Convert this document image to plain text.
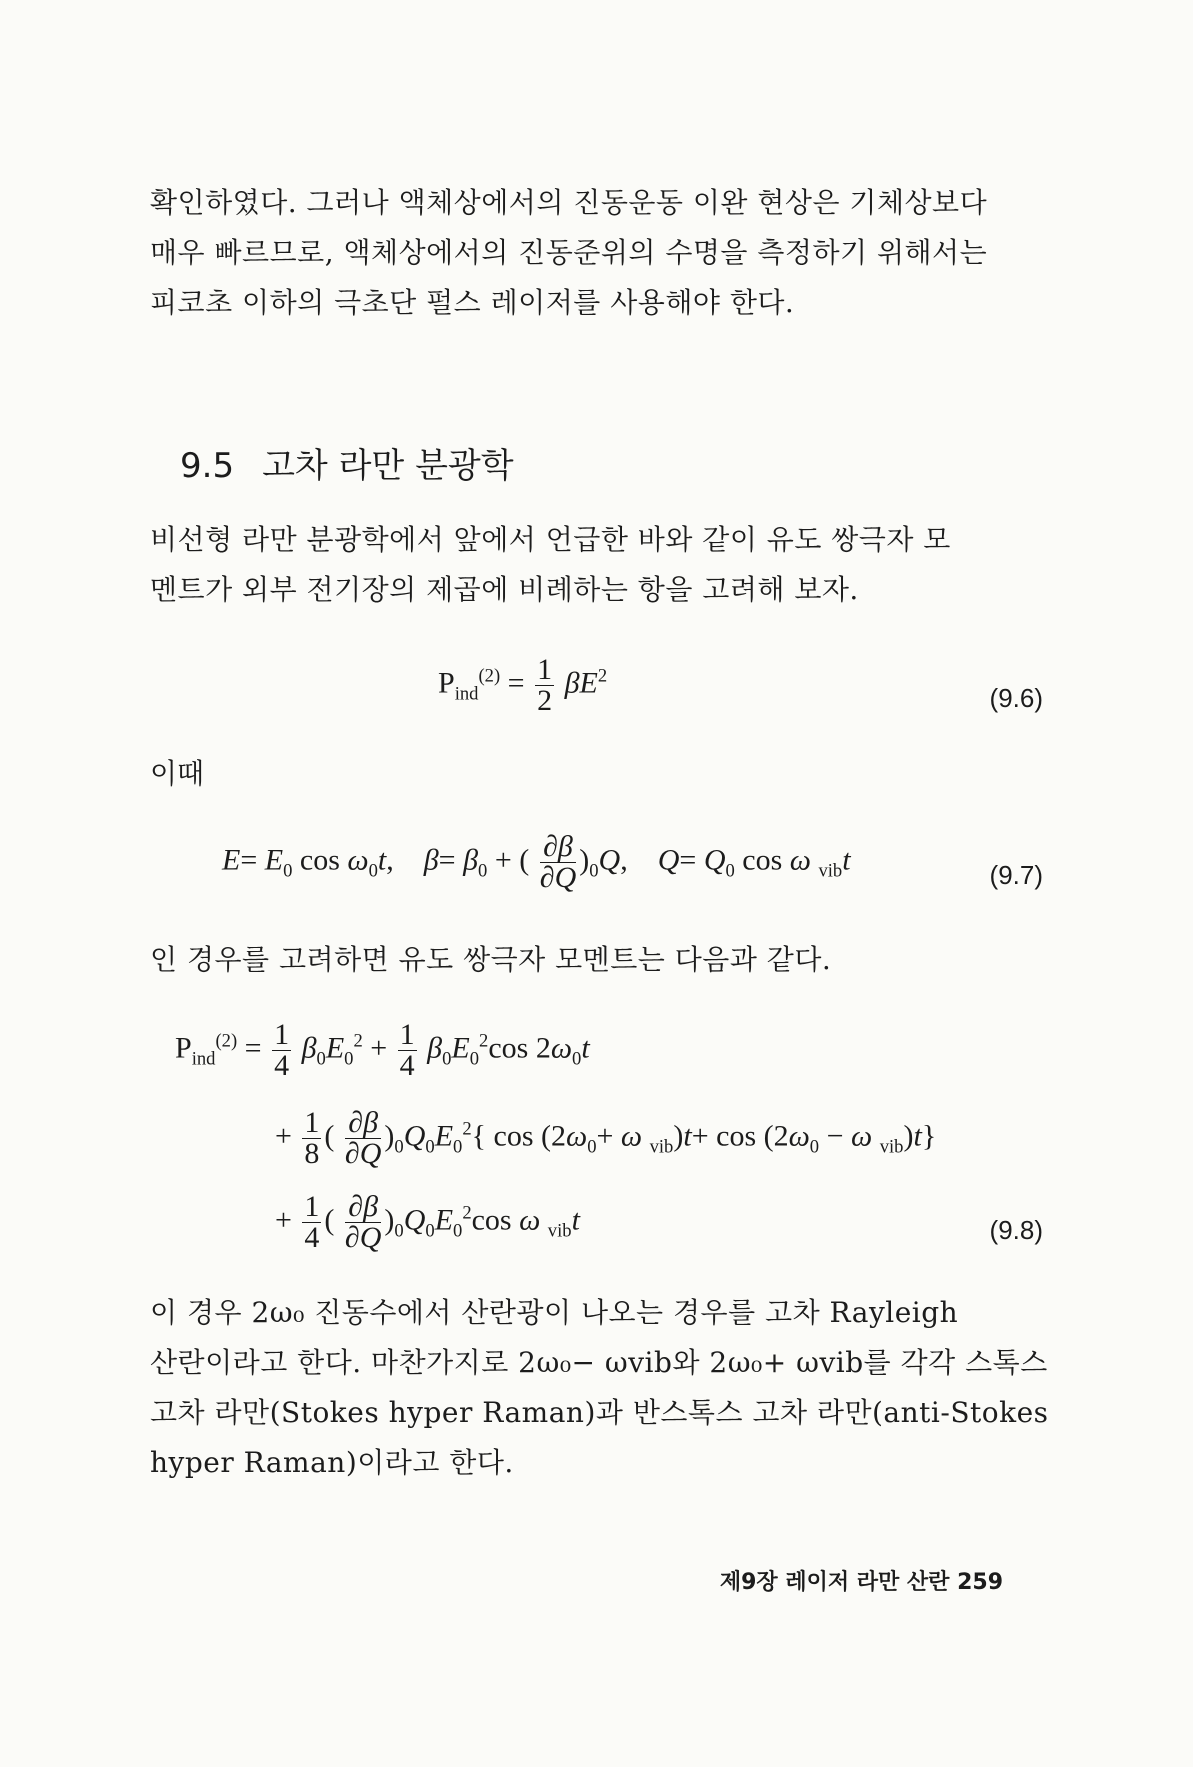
확인하였다. 그러나 액체상에서의 진동운동 이완 현상은 기체상보다
매우 빠르므로, 액체상에서의 진동준위의 수명을 측정하기 위해서는
피코초 이하의 극초단 펄스 레이저를 사용해야 한다.
9.5 고차 라만 분광학
비선형 라만 분광학에서 앞에서 언급한 바와 같이 유도 쌍극자 모
멘트가 외부 전기장의 제곱에 비례하는 항을 고려해 보자.
$P_{ind}^{(2)} = \frac{1}{2} \beta E^2$
(9.6)
이때
$E= E_0$ $\cos \omega_0t$,    $\beta= \beta_0$ + ( $\frac{\partial\beta}{\partial Q} )_0Q$,    $Q= Q_0$ cos ω $_{vib}$t	(9.7)
인 경우를 고려하면 유도 쌍극자 모멘트는 다음과 같다.
$P_{ind}^{(2)} = \frac{1}{4} \beta_0E_0^2 + \frac{1}{4} \beta_0E_0^2\cos$ $2\omega_0t$
+ $\frac{1}{8}$ ( $\frac{\partial\beta}{\partial Q} )_0Q_0E_0^2${ $\cos (2\omega_0+ \omega$ $_{vib})t+ \cos (2\omega_0 - \omega$ $_{vib}$)t}
+ $\frac{1}{4}$ ( $\frac{\partial\beta}{\partial Q} )_0Q_0E_0^2\cos$ ω $_{vib}$t	(9.8)
이 경우 2ω₀ 진동수에서 산란광이 나오는 경우를 고차 Rayleigh
산란이라고 한다. 마찬가지로 2ω₀− ωvib와 2ω₀+ ωvib를 각각 스톡스
고차 라만(Stokes hyper Raman)과 반스톡스 고차 라만(anti-Stokes
hyper Raman)이라고 한다.
제9장 레이저 라만 산란 259
